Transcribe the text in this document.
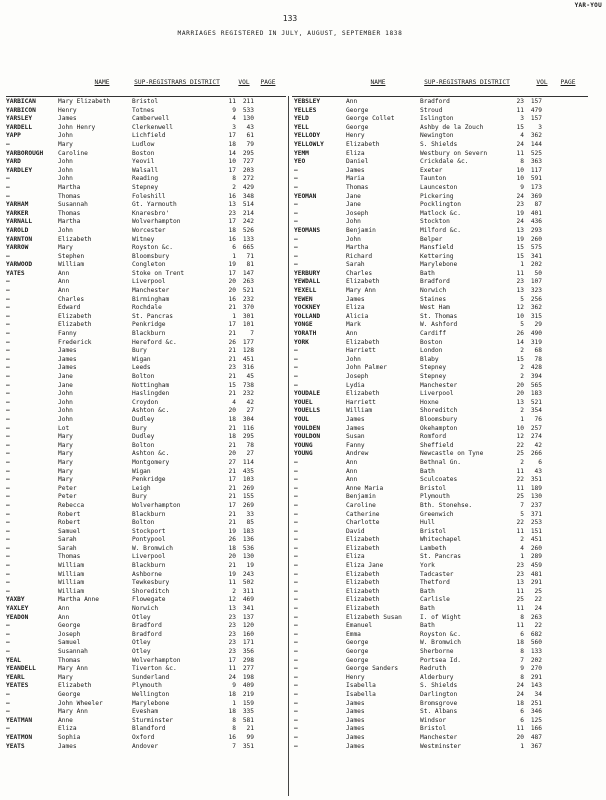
YAR-YOU
133
MARRIAGES REGISTERED IN JULY, AUGUST, SEPTEMBER 1838
NAME	SUP-REGISTRARS DISTRICT	VOL	PAGE	NAME	SUP-REGISTRARS DISTRICT	VOL	PAGE
YARBICAN	Mary Elizabeth	Bristol	11	211
YARBICON	Henry	Totnes	9	533
YARSLEY	James	Camberwell	4	130
YARDELL	John Henry	Clerkenwell	3	43
YAPP	John	Lichfield	17	61
—	Mary	Ludlow	18	79
YARBOROUGH	Caroline	Boston	14	295
YARD	John	Yeovil	10	727
YARDLEY	John	Walsall	17	203
—	John	Reading	8	272
—	Martha	Stepney	2	429
—	Thomas	Foleshill	16	348
YARHAM	Susannah	Gt. Yarmouth	13	514
YARKER	Thomas	Knaresbro'	23	214
YARNALL	Martha	Wolverhampton	17	242
YAROLD	John	Worcester	18	526
YARNTON	Elizabeth	Witney	16	133
YARROW	Mary	Royston &c.	6	665
—	Stephen	Bloomsbury	1	71
YARWOOD	William	Congleton	19	81
YATES	Ann	Stoke on Trent	17	147
—	Ann	Liverpool	20	263
—	Ann	Manchester	20	521
—	Charles	Birmingham	16	232
—	Edward	Rochdale	21	370
—	Elizabeth	St. Pancras	1	301
—	Elizabeth	Penkridge	17	101
—	Fanny	Blackburn	21	7
—	Frederick	Hereford &c.	26	177
—	James	Bury	21	128
—	James	Wigan	21	451
—	James	Leeds	23	316
—	Jane	Bolton	21	45
—	Jane	Nottingham	15	738
—	John	Haslingden	21	232
—	John	Croydon	4	42
—	John	Ashton &c.	20	27
—	John	Dudley	18	304
—	Lot	Bury	21	116
—	Mary	Dudley	18	295
—	Mary	Bolton	21	78
—	Mary	Ashton &c.	20	27
—	Mary	Montgomery	27	114
—	Mary	Wigan	21	435
—	Mary	Penkridge	17	103
—	Peter	Leigh	21	269
—	Peter	Bury	21	155
—	Rebecca	Wolverhampton	17	269
—	Robert	Blackburn	21	33
—	Robert	Bolton	21	85
—	Samuel	Stockport	19	183
—	Sarah	Pontypool	26	136
—	Sarah	W. Bromwich	18	536
—	Thomas	Liverpool	20	130
—	William	Blackburn	21	19
—	William	Ashborne	19	243
—	William	Tewkesbury	11	502
—	William	Shoreditch	2	311
YAXBY	Martha Anne	Flowegate	12	469
YAXLEY	Ann	Norwich	13	341
YEADON	Ann	Otley	23	137
—	George	Bradford	23	120
—	Joseph	Bradford	23	160
—	Samuel	Otley	23	171
—	Susannah	Otley	23	356
YEAL	Thomas	Wolverhampton	17	298
YEANDELL	Mary Ann	Tiverton &c.	11	277
YEARL	Mary	Sunderland	24	198
YEATES	Elizabeth	Plymouth	9	409
—	George	Wellington	18	219
—	John Wheeler	Marylebone	1	159
—	Mary Ann	Evesham	18	335
YEATMAN	Anne	Sturminster	8	581
—	Eliza	Blandford	8	21
YEATMON	Sophia	Oxford	16	99
YEATS	James	Andover	7	351
YEBSLEY	Ann	Bradford	23	157
YELLES	George	Stroud	11	479
YELD	George Collet	Islington	3	157
YELL	George	Ashby de la Zouch	15	3
YELLODY	Henry	Newington	4	362
YELLOWLY	Elizabeth	S. Shields	24	144
YEMM	Eliza	Westbury on Severn	11	525
YEO	Daniel	Crickdale &c.	8	363
—	James	Exeter	10	117
—	Maria	Taunton	10	591
—	Thomas	Launceston	9	173
YEOMAN	Jane	Pickering	24	369
—	Jane	Pocklington	23	87
—	Joseph	Matlock &c.	19	401
—	John	Stockton	24	436
YEOMANS	Benjamin	Milford &c.	13	293
—	John	Belper	19	260
—	Martha	Mansfield	15	575
—	Richard	Kettering	15	341
—	Sarah	Marylebone	1	202
YERBURY	Charles	Bath	11	50
YEWDALL	Elizabeth	Bradford	23	107
YEXELL	Mary Ann	Norwich	13	323
YEWEN	James	Staines	5	256
YOCKNEY	Eliza	West Ham	12	362
YOLLAND	Alicia	St. Thomas	10	315
YONGE	Mark	W. Ashford	5	29
YORATH	Ann	Cardiff	26	490
YORK	Elizabeth	Boston	14	319
—	Harriett	London	2	68
—	John	Blaby	15	78
—	John Palmer	Stepney	2	428
—	Joseph	Stepney	2	394
—	Lydia	Manchester	20	565
YOUDALE	Elizabeth	Liverpool	20	183
YOUEL	Harriett	Hoxne	13	521
YOUELLS	William	Shoreditch	2	354
YOUL	James	Bloomsbury	1	76
YOULDEN	James	Okehampton	10	257
YOULDON	Susan	Romford	12	274
YOUNG	Fanny	Sheffield	22	42
YOUNG	Andrew	Newcastle on Tyne	25	266
—	Ann	Bethnal Gn.	2	6
—	Ann	Bath	11	43
—	Ann	Sculcoates	22	351
—	Anne Maria	Bristol	11	189
—	Benjamin	Plymouth	25	130
—	Caroline	Bth. Stonehse.	7	237
—	Catherine	Greenwich	5	371
—	Charlotte	Hull	22	253
—	David	Bristol	11	151
—	Elizabeth	Whitechapel	2	451
—	Elizabeth	Lambeth	4	260
—	Eliza	St. Pancras	1	289
—	Eliza Jane	York	23	459
—	Elizabeth	Tadcaster	23	481
—	Elizabeth	Thetford	13	291
—	Elizabeth	Bath	11	25
—	Elizabeth	Carlisle	25	22
—	Elizabeth	Bath	11	24
—	Elizabeth Susan	I. of Wight	8	263
—	Emanuel	Bath	11	22
—	Emma	Royston &c.	6	682
—	George	W. Bromwich	18	560
—	George	Sherborne	8	133
—	George	Portsea Id.	7	202
—	George Sanders	Redruth	9	270
—	Henry	Alderbury	8	291
—	Isabella	S. Shields	24	143
—	Isabella	Darlington	24	34
—	James	Bromsgrove	18	251
—	James	St. Albans	6	346
—	James	Windsor	6	125
—	James	Bristol	11	166
—	James	Manchester	20	487
—	James	Westminster	1	367
